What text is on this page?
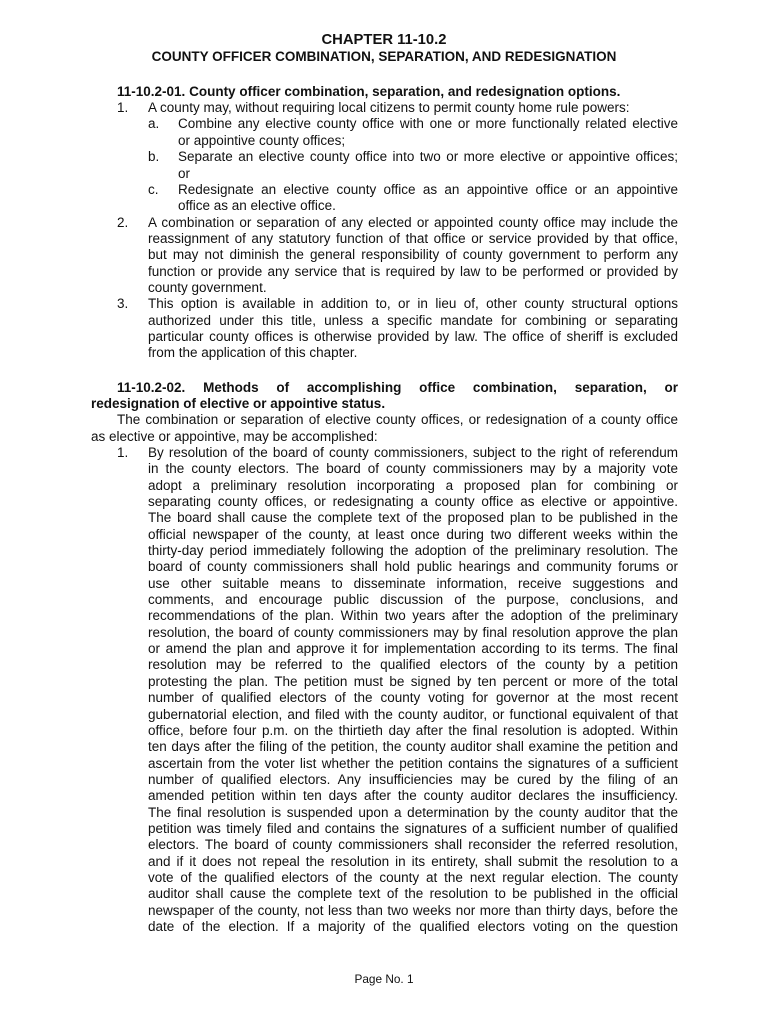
CHAPTER 11-10.2
COUNTY OFFICER COMBINATION, SEPARATION, AND REDESIGNATION
11-10.2-01. County officer combination, separation, and redesignation options.
1. A county may, without requiring local citizens to permit county home rule powers:
a. Combine any elective county office with one or more functionally related elective
or appointive county offices;
b. Separate an elective county office into two or more elective or appointive offices;
or
c. Redesignate an elective county office as an appointive office or an appointive
office as an elective office.
2. A combination or separation of any elected or appointed county office may include the
reassignment of any statutory function of that office or service provided by that office,
but may not diminish the general responsibility of county government to perform any
function or provide any service that is required by law to be performed or provided by
county government.
3. This option is available in addition to, or in lieu of, other county structural options
authorized under this title, unless a specific mandate for combining or separating
particular county offices is otherwise provided by law. The office of sheriff is excluded
from the application of this chapter.
11-10.2-02. Methods of accomplishing office combination, separation, or
redesignation of elective or appointive status.
The combination or separation of elective county offices, or redesignation of a county office
as elective or appointive, may be accomplished:
1. By resolution of the board of county commissioners, subject to the right of referendum
in the county electors. The board of county commissioners may by a majority vote
adopt a preliminary resolution incorporating a proposed plan for combining or
separating county offices, or redesignating a county office as elective or appointive.
The board shall cause the complete text of the proposed plan to be published in the
official newspaper of the county, at least once during two different weeks within the
thirty-day period immediately following the adoption of the preliminary resolution. The
board of county commissioners shall hold public hearings and community forums or
use other suitable means to disseminate information, receive suggestions and
comments, and encourage public discussion of the purpose, conclusions, and
recommendations of the plan. Within two years after the adoption of the preliminary
resolution, the board of county commissioners may by final resolution approve the plan
or amend the plan and approve it for implementation according to its terms. The final
resolution may be referred to the qualified electors of the county by a petition
protesting the plan. The petition must be signed by ten percent or more of the total
number of qualified electors of the county voting for governor at the most recent
gubernatorial election, and filed with the county auditor, or functional equivalent of that
office, before four p.m. on the thirtieth day after the final resolution is adopted. Within
ten days after the filing of the petition, the county auditor shall examine the petition and
ascertain from the voter list whether the petition contains the signatures of a sufficient
number of qualified electors. Any insufficiencies may be cured by the filing of an
amended petition within ten days after the county auditor declares the insufficiency.
The final resolution is suspended upon a determination by the county auditor that the
petition was timely filed and contains the signatures of a sufficient number of qualified
electors. The board of county commissioners shall reconsider the referred resolution,
and if it does not repeal the resolution in its entirety, shall submit the resolution to a
vote of the qualified electors of the county at the next regular election. The county
auditor shall cause the complete text of the resolution to be published in the official
newspaper of the county, not less than two weeks nor more than thirty days, before the
date of the election. If a majority of the qualified electors voting on the question
Page No. 1
